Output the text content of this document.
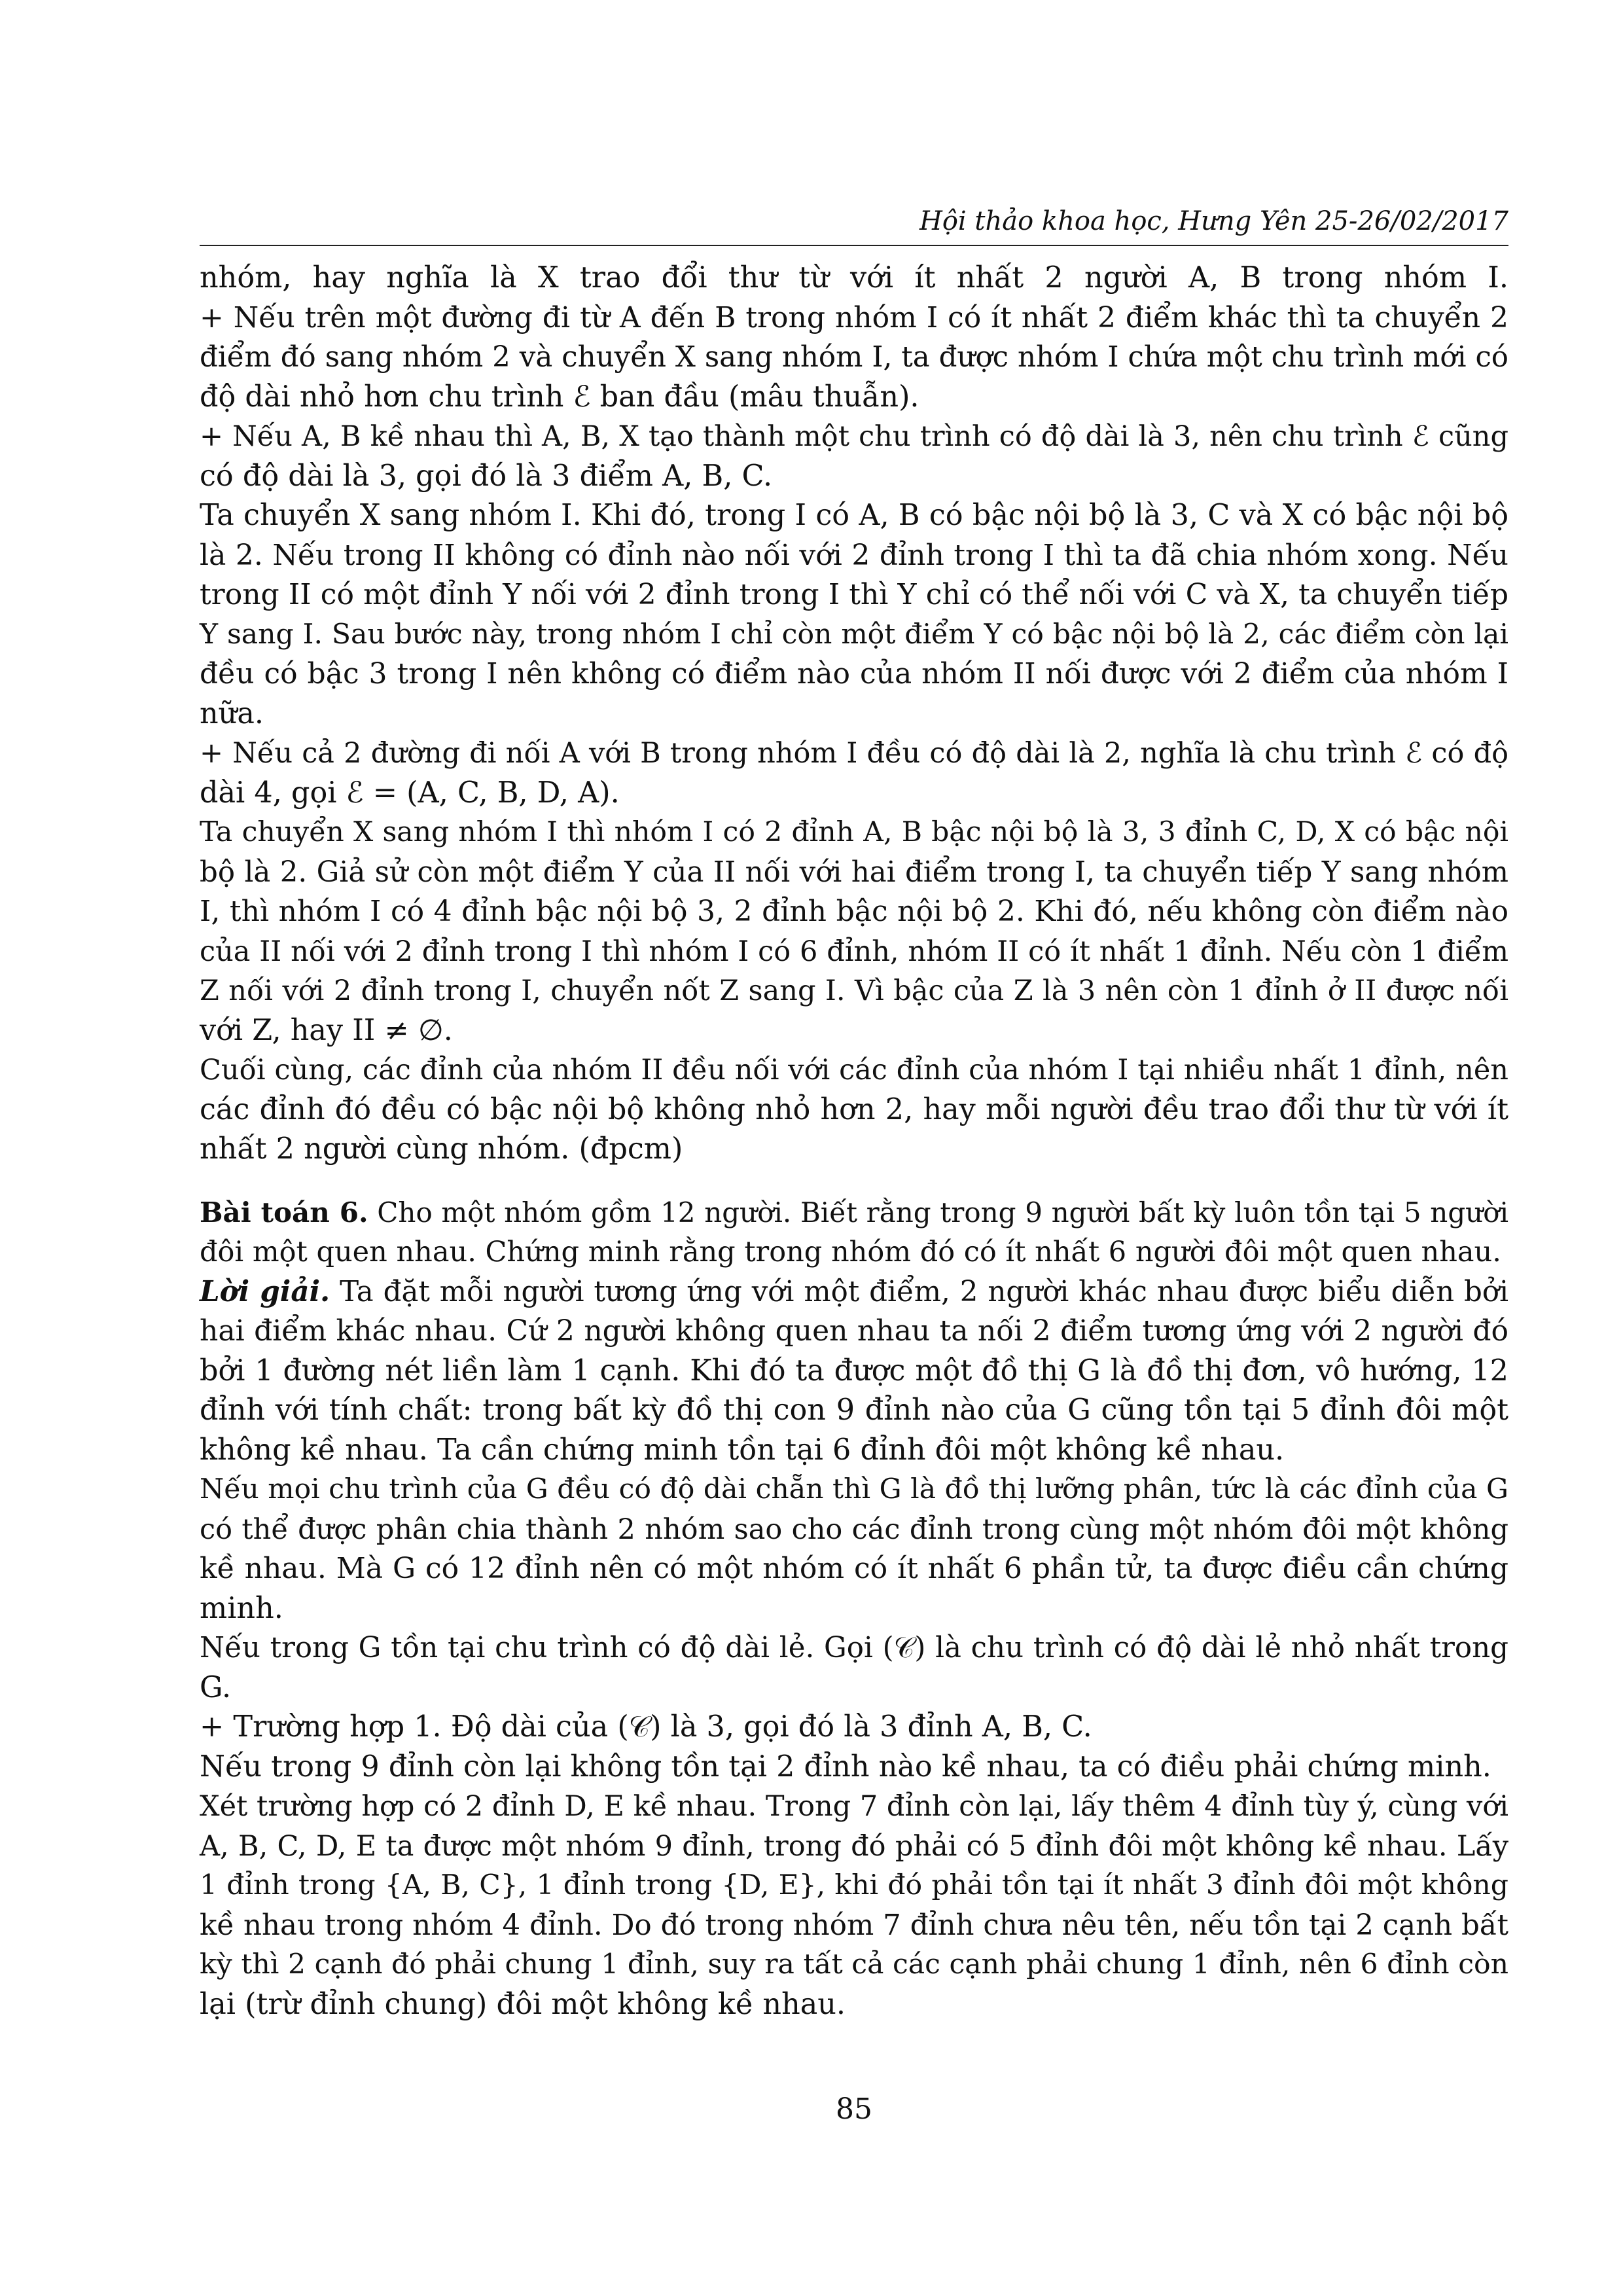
Hội thảo khoa học, Hưng Yên 25-26/02/2017
nhóm, hay nghĩa là X trao đổi thư từ với ít nhất 2 người A, B trong nhóm I.
+ Nếu trên một đường đi từ A đến B trong nhóm I có ít nhất 2 điểm khác thì ta chuyển 2
điểm đó sang nhóm 2 và chuyển X sang nhóm I, ta được nhóm I chứa một chu trình mới có
độ dài nhỏ hơn chu trình ℰ ban đầu (mâu thuẫn).
+ Nếu A, B kề nhau thì A, B, X tạo thành một chu trình có độ dài là 3, nên chu trình ℰ cũng
có độ dài là 3, gọi đó là 3 điểm A, B, C.
Ta chuyển X sang nhóm I. Khi đó, trong I có A, B có bậc nội bộ là 3, C và X có bậc nội bộ
là 2. Nếu trong II không có đỉnh nào nối với 2 đỉnh trong I thì ta đã chia nhóm xong. Nếu
trong II có một đỉnh Y nối với 2 đỉnh trong I thì Y chỉ có thể nối với C và X, ta chuyển tiếp
Y sang I. Sau bước này, trong nhóm I chỉ còn một điểm Y có bậc nội bộ là 2, các điểm còn lại
đều có bậc 3 trong I nên không có điểm nào của nhóm II nối được với 2 điểm của nhóm I
nữa.
+ Nếu cả 2 đường đi nối A với B trong nhóm I đều có độ dài là 2, nghĩa là chu trình ℰ có độ
dài 4, gọi ℰ = (A, C, B, D, A).
Ta chuyển X sang nhóm I thì nhóm I có 2 đỉnh A, B bậc nội bộ là 3, 3 đỉnh C, D, X có bậc nội
bộ là 2. Giả sử còn một điểm Y của II nối với hai điểm trong I, ta chuyển tiếp Y sang nhóm
I, thì nhóm I có 4 đỉnh bậc nội bộ 3, 2 đỉnh bậc nội bộ 2. Khi đó, nếu không còn điểm nào
của II nối với 2 đỉnh trong I thì nhóm I có 6 đỉnh, nhóm II có ít nhất 1 đỉnh. Nếu còn 1 điểm
Z nối với 2 đỉnh trong I, chuyển nốt Z sang I. Vì bậc của Z là 3 nên còn 1 đỉnh ở II được nối
với Z, hay II ≠ ∅.
Cuối cùng, các đỉnh của nhóm II đều nối với các đỉnh của nhóm I tại nhiều nhất 1 đỉnh, nên
các đỉnh đó đều có bậc nội bộ không nhỏ hơn 2, hay mỗi người đều trao đổi thư từ với ít
nhất 2 người cùng nhóm. (đpcm)
Bài toán 6. Cho một nhóm gồm 12 người. Biết rằng trong 9 người bất kỳ luôn tồn tại 5 người
đôi một quen nhau. Chứng minh rằng trong nhóm đó có ít nhất 6 người đôi một quen nhau.
Lời giải. Ta đặt mỗi người tương ứng với một điểm, 2 người khác nhau được biểu diễn bởi
hai điểm khác nhau. Cứ 2 người không quen nhau ta nối 2 điểm tương ứng với 2 người đó
bởi 1 đường nét liền làm 1 cạnh. Khi đó ta được một đồ thị G là đồ thị đơn, vô hướng, 12
đỉnh với tính chất: trong bất kỳ đồ thị con 9 đỉnh nào của G cũng tồn tại 5 đỉnh đôi một
không kề nhau. Ta cần chứng minh tồn tại 6 đỉnh đôi một không kề nhau.
Nếu mọi chu trình của G đều có độ dài chẵn thì G là đồ thị lưỡng phân, tức là các đỉnh của G
có thể được phân chia thành 2 nhóm sao cho các đỉnh trong cùng một nhóm đôi một không
kề nhau. Mà G có 12 đỉnh nên có một nhóm có ít nhất 6 phần tử, ta được điều cần chứng
minh.
Nếu trong G tồn tại chu trình có độ dài lẻ. Gọi (𝒞) là chu trình có độ dài lẻ nhỏ nhất trong
G.
+ Trường hợp 1. Độ dài của (𝒞) là 3, gọi đó là 3 đỉnh A, B, C.
Nếu trong 9 đỉnh còn lại không tồn tại 2 đỉnh nào kề nhau, ta có điều phải chứng minh.
Xét trường hợp có 2 đỉnh D, E kề nhau. Trong 7 đỉnh còn lại, lấy thêm 4 đỉnh tùy ý, cùng với
A, B, C, D, E ta được một nhóm 9 đỉnh, trong đó phải có 5 đỉnh đôi một không kề nhau. Lấy
1 đỉnh trong {A, B, C}, 1 đỉnh trong {D, E}, khi đó phải tồn tại ít nhất 3 đỉnh đôi một không
kề nhau trong nhóm 4 đỉnh. Do đó trong nhóm 7 đỉnh chưa nêu tên, nếu tồn tại 2 cạnh bất
kỳ thì 2 cạnh đó phải chung 1 đỉnh, suy ra tất cả các cạnh phải chung 1 đỉnh, nên 6 đỉnh còn
lại (trừ đỉnh chung) đôi một không kề nhau.
85
